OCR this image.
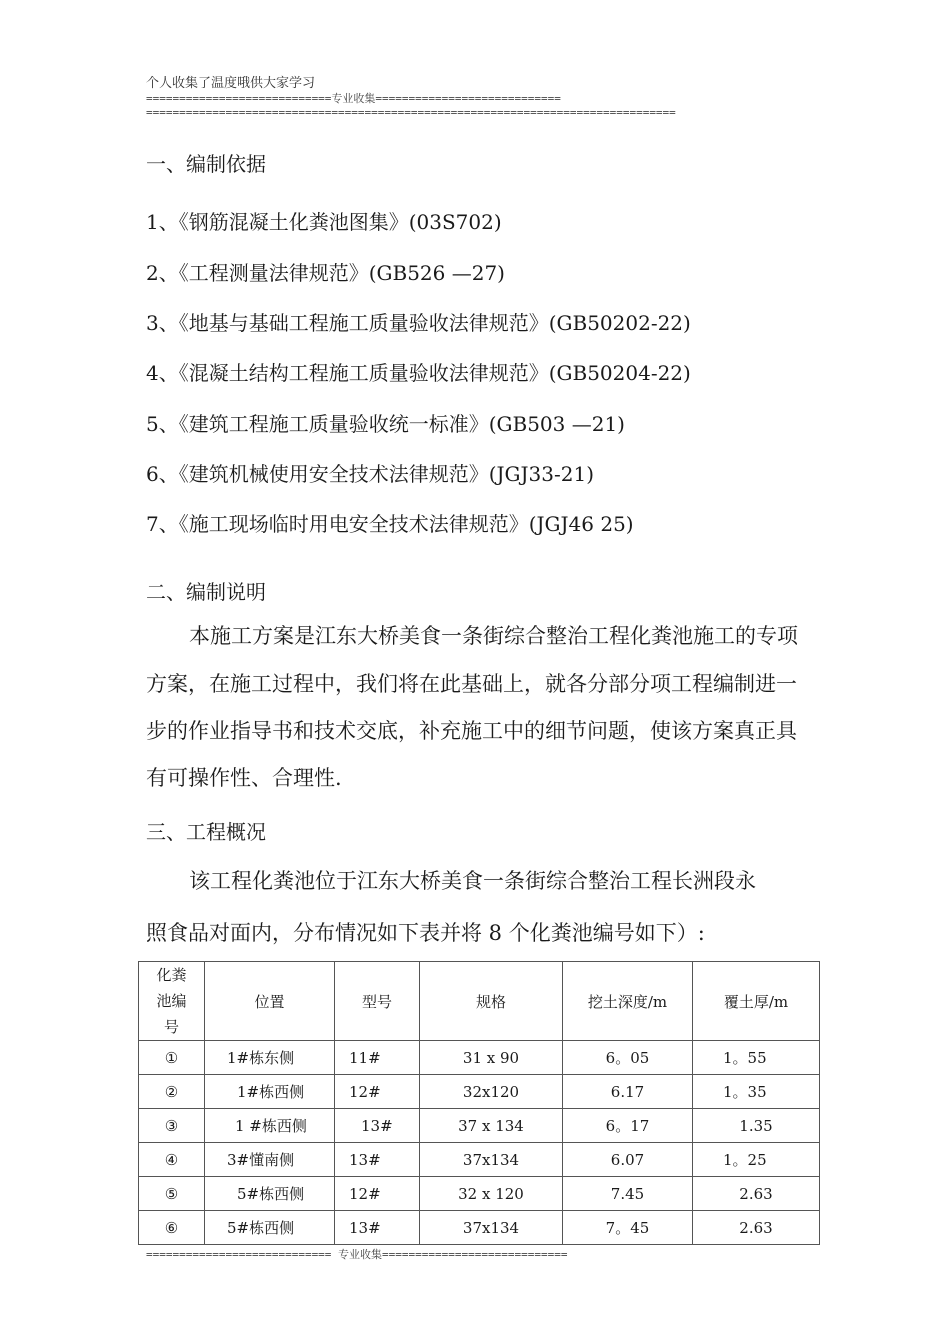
个人收集了温度哦供大家学习
============================专业收集============================
================================================================================
一、编制依据
1、《钢筋混凝土化粪池图集》(03S702)
2、《工程测量法律规范》(GB526 —27)
3、《地基与基础工程施工质量验收法律规范》(GB50202-22)
4、《混凝土结构工程施工质量验收法律规范》(GB50204-22)
5、《建筑工程施工质量验收统一标准》(GB503 —21)
6、《建筑机械使用安全技术法律规范》(JGJ33-21)
7、《施工现场临时用电安全技术法律规范》(JGJ46 25)
二、编制说明
本施工方案是江东大桥美食一条街综合整治工程化粪池施工的专项
方案，在施工过程中，我们将在此基础上，就各分部分项工程编制进一
步的作业指导书和技术交底，补充施工中的细节问题，使该方案真正具
有可操作性、合理性.
三、工程概况
该工程化粪池位于江东大桥美食一条街综合整治工程长洲段永
照食品对面内，分布情况如下表并将 8 个化粪池编号如下）:
化粪池编号	位置	型号	规格	挖土深度/m	覆土厚/m
①	1#栋东侧	11#	31 x 90	6。05	1。55
②	1#栋西侧	12#	32x120	6.17	1。35
③	1 #栋西侧	13#	37 x 134	6。17	1.35
④	3#懂南侧	13#	37x134	6.07	1。25
⑤	5#栋西侧	12#	32 x 120	7.45	2.63
⑥	5#栋西侧	13#	37x134	7。45	2.63
============================ 专业收集============================
